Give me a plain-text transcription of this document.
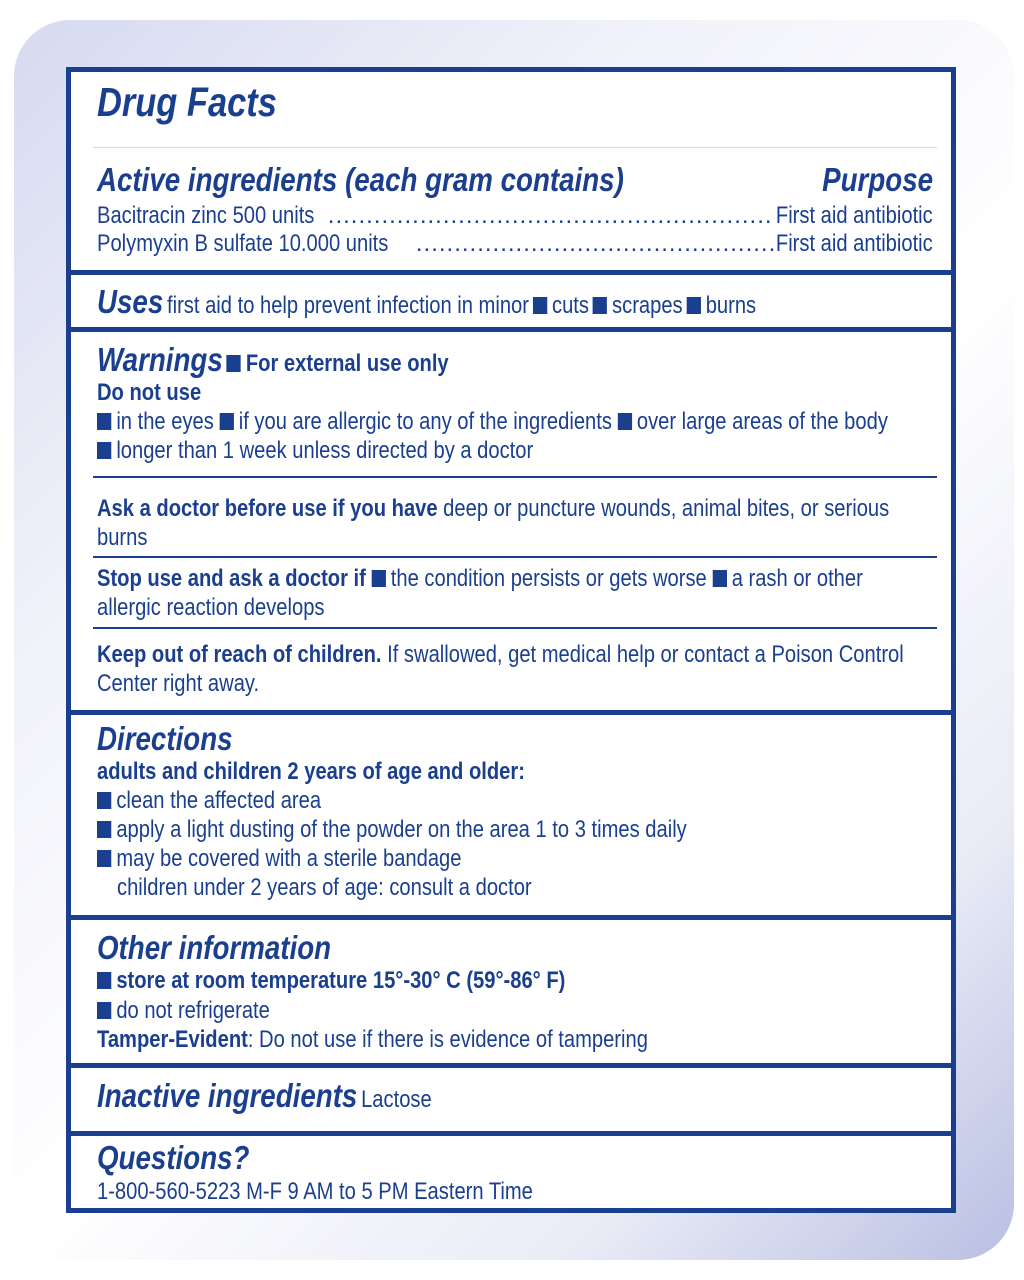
Drug Facts
Active ingredients (each gram contains)	Purpose
Bacitracin zinc 500 units .....	First aid antibiotic
Polymyxin B sulfate 10.000 units .....	First aid antibiotic
Uses first aid to help prevent infection in minor cuts scrapes burns
Warnings For external use only
Do not use
in the eyes if you are allergic to any of the ingredients over large areas of the body
longer than 1 week unless directed by a doctor
Ask a doctor before use if you have deep or puncture wounds, animal bites, or serious
burns
Stop use and ask a doctor if the condition persists or gets worse a rash or other
allergic reaction develops
Keep out of reach of children. If swallowed, get medical help or contact a Poison Control
Center right away.
Directions
adults and children 2 years of age and older:
clean the affected area
apply a light dusting of the powder on the area 1 to 3 times daily
may be covered with a sterile bandage
children under 2 years of age: consult a doctor
Other information
store at room temperature 15°-30° C (59°-86° F)
do not refrigerate
Tamper-Evident: Do not use if there is evidence of tampering
Inactive ingredients Lactose
Questions?
1-800-560-5223 M-F 9 AM to 5 PM Eastern Time
